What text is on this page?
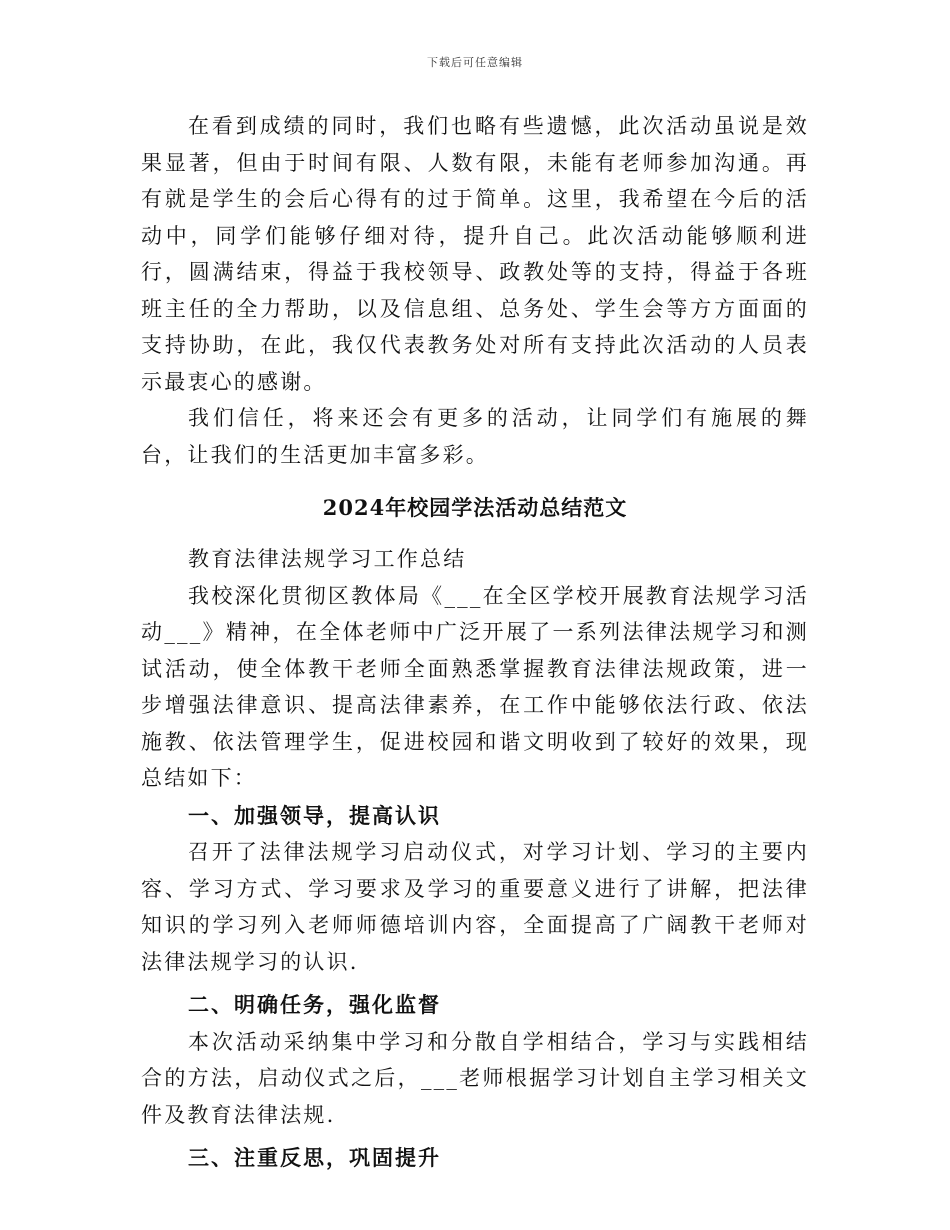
下载后可任意编辑

在看到成绩的同时，我们也略有些遗憾，此次活动虽说是效果显著，但由于时间有限、人数有限，未能有老师参加沟通。再有就是学生的会后心得有的过于简单。这里，我希望在今后的活动中，同学们能够仔细对待，提升自己。此次活动能够顺利进行，圆满结束，得益于我校领导、政教处等的支持，得益于各班班主任的全力帮助，以及信息组、总务处、学生会等方方面面的支持协助，在此，我仅代表教务处对所有支持此次活动的人员表示最衷心的感谢。

我们信任，将来还会有更多的活动，让同学们有施展的舞台，让我们的生活更加丰富多彩。

2024年校园学法活动总结范文

教育法律法规学习工作总结

我校深化贯彻区教体局《___在全区学校开展教育法规学习活动___》精神，在全体老师中广泛开展了一系列法律法规学习和测试活动，使全体教干老师全面熟悉掌握教育法律法规政策，进一步增强法律意识、提高法律素养，在工作中能够依法行政、依法施教、依法管理学生，促进校园和谐文明收到了较好的效果，现总结如下：

一、加强领导，提高认识

召开了法律法规学习启动仪式，对学习计划、学习的主要内容、学习方式、学习要求及学习的重要意义进行了讲解，把法律知识的学习列入老师师德培训内容，全面提高了广阔教干老师对法律法规学习的认识.

二、明确任务，强化监督

本次活动采纳集中学习和分散自学相结合，学习与实践相结合的方法，启动仪式之后，___老师根据学习计划自主学习相关文件及教育法律法规.

三、注重反思，巩固提升
